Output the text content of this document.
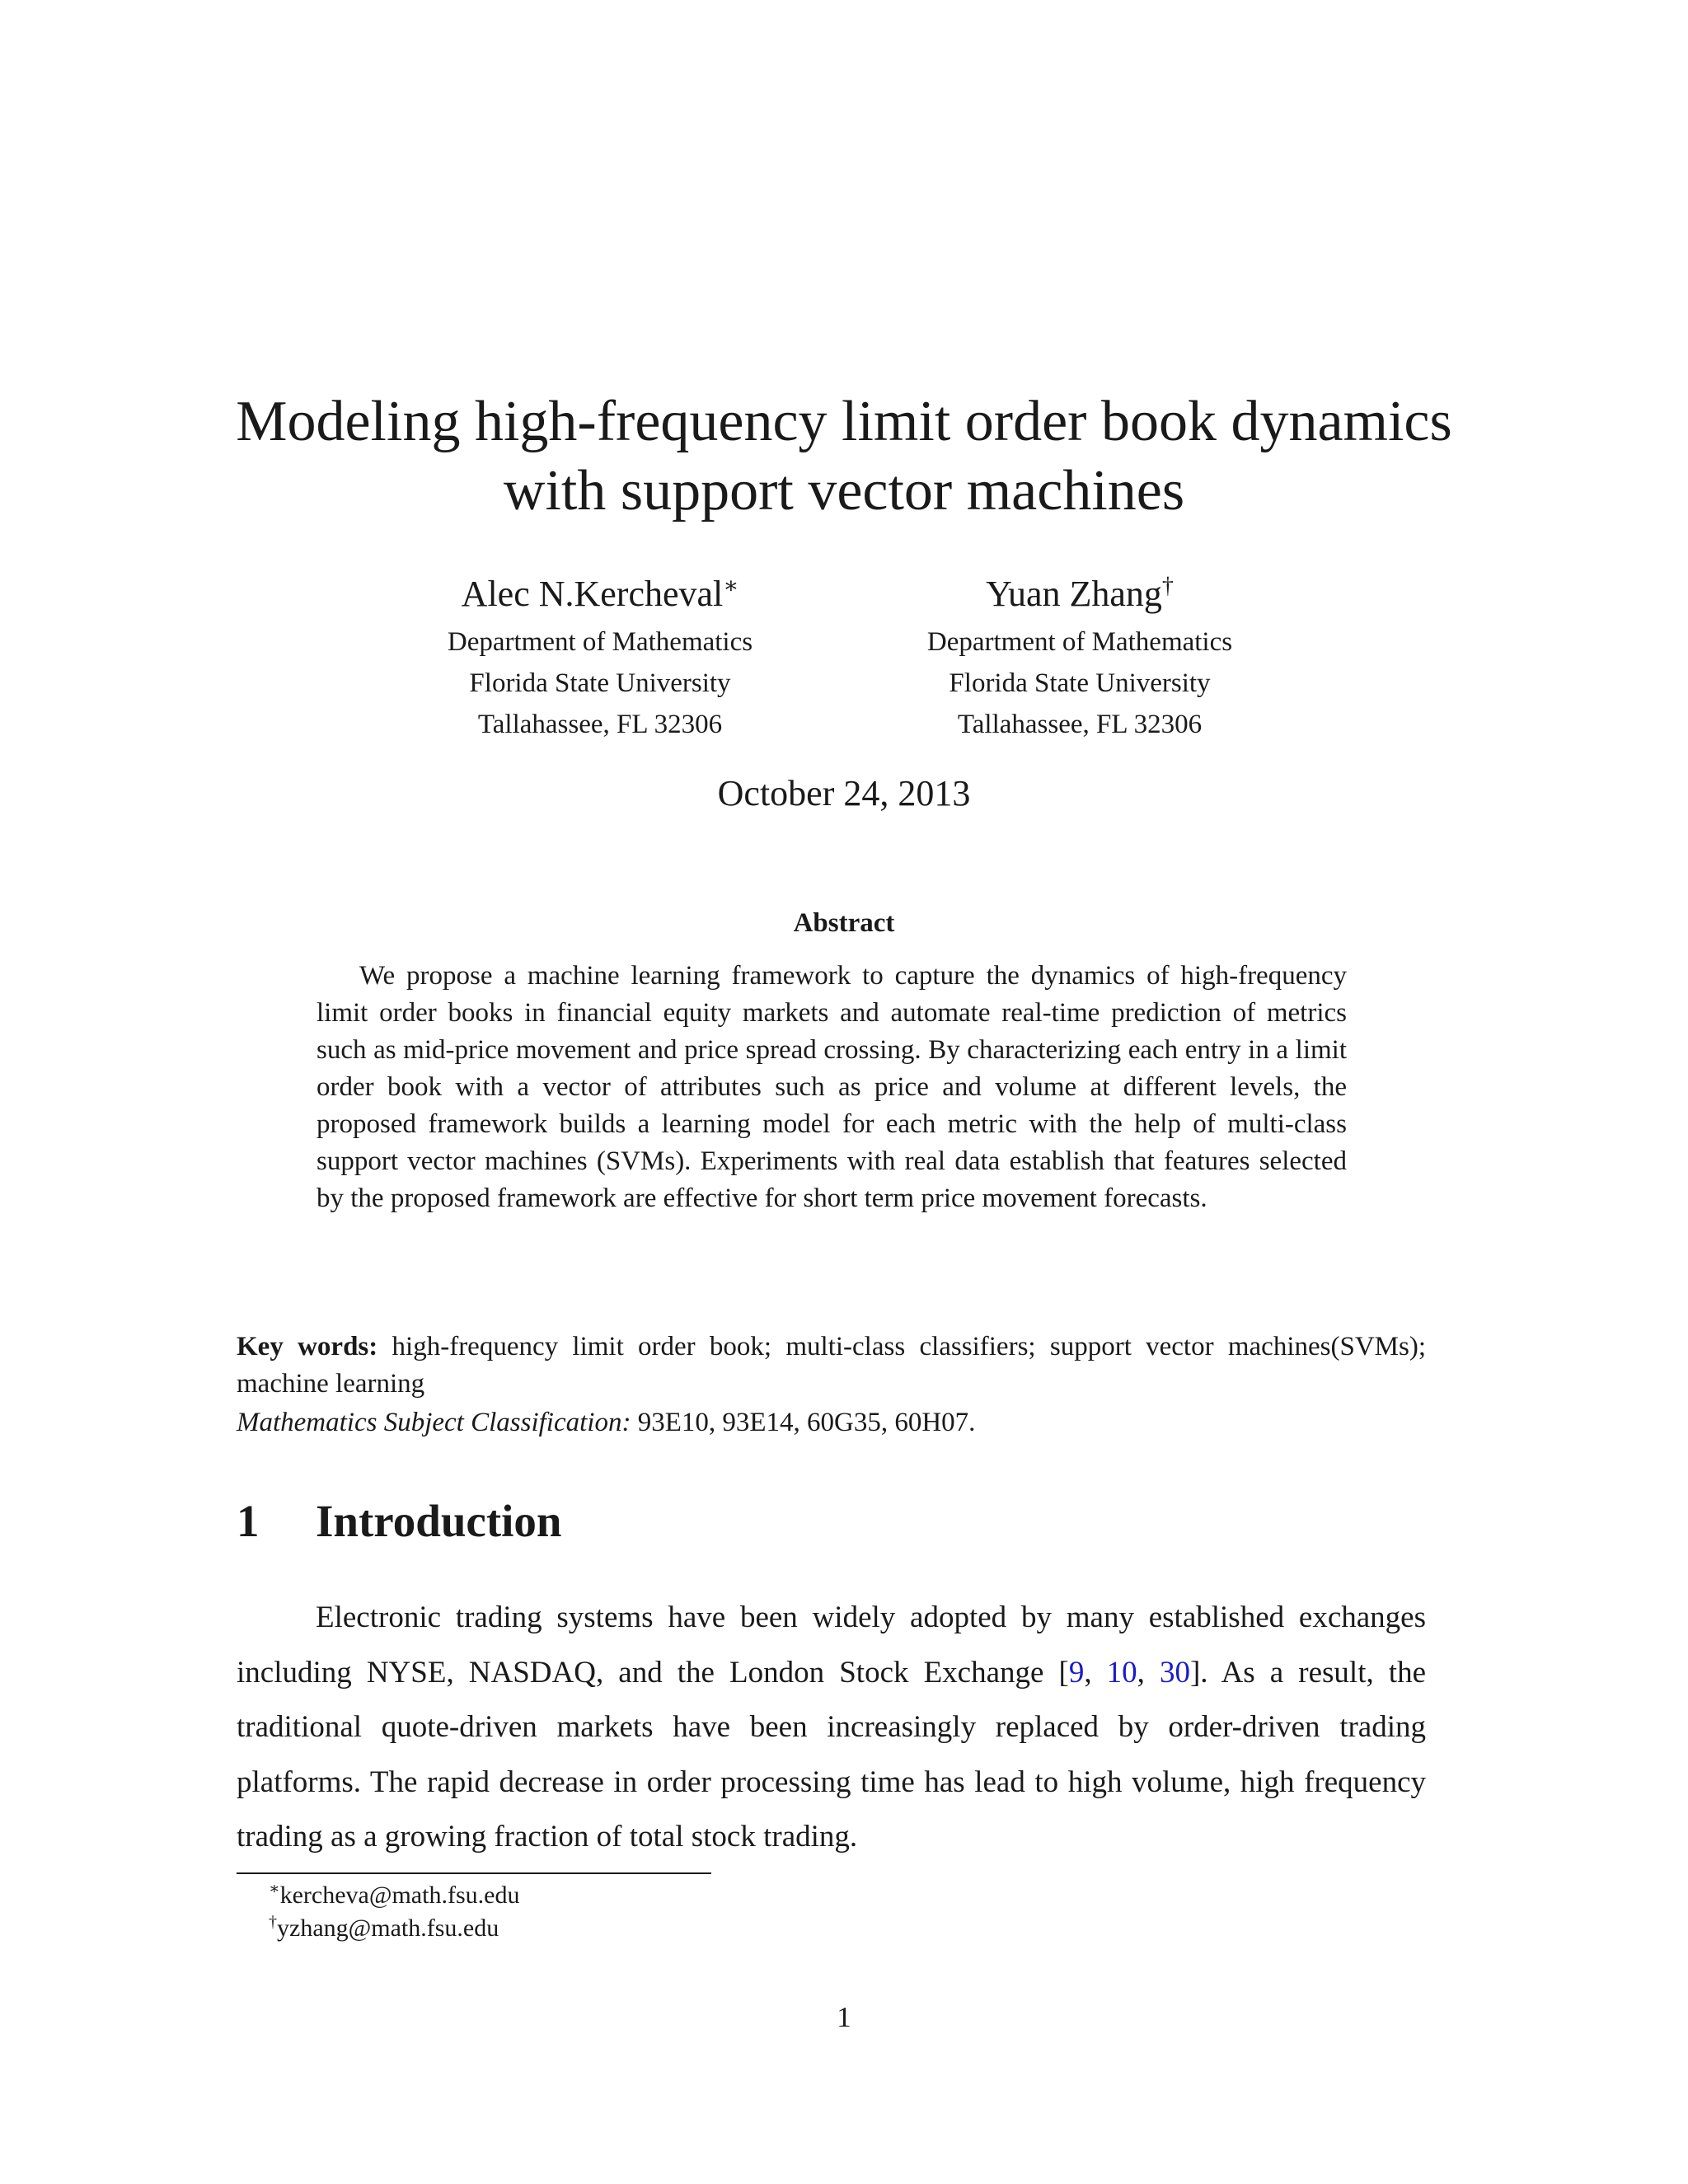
Modeling high-frequency limit order book dynamics
with support vector machines
Alec N.Kercheval∗
Department of Mathematics
Florida State University
Tallahassee, FL 32306
Yuan Zhang†
Department of Mathematics
Florida State University
Tallahassee, FL 32306
October 24, 2013
Abstract

We propose a machine learning framework to capture the dynamics of high-frequency limit order books in financial equity markets and automate real-time prediction of metrics such as mid-price movement and price spread crossing. By characterizing each entry in a limit order book with a vector of attributes such as price and volume at different levels, the proposed framework builds a learning model for each metric with the help of multi-class support vector machines (SVMs). Experiments with real data establish that features selected by the proposed framework are effective for short term price movement forecasts.

Key words: high-frequency limit order book; multi-class classifiers; support vector machines(SVMs); machine learning

Mathematics Subject Classification: 93E10, 93E14, 60G35, 60H07.

1 Introduction

Electronic trading systems have been widely adopted by many established exchanges including NYSE, NASDAQ, and the London Stock Exchange [9, 10, 30]. As a result, the traditional quote-driven markets have been increasingly replaced by order-driven trading platforms. The rapid decrease in order processing time has lead to high volume, high frequency trading as a growing fraction of total stock trading.

∗kercheva@math.fsu.edu
†yzhang@math.fsu.edu
1
